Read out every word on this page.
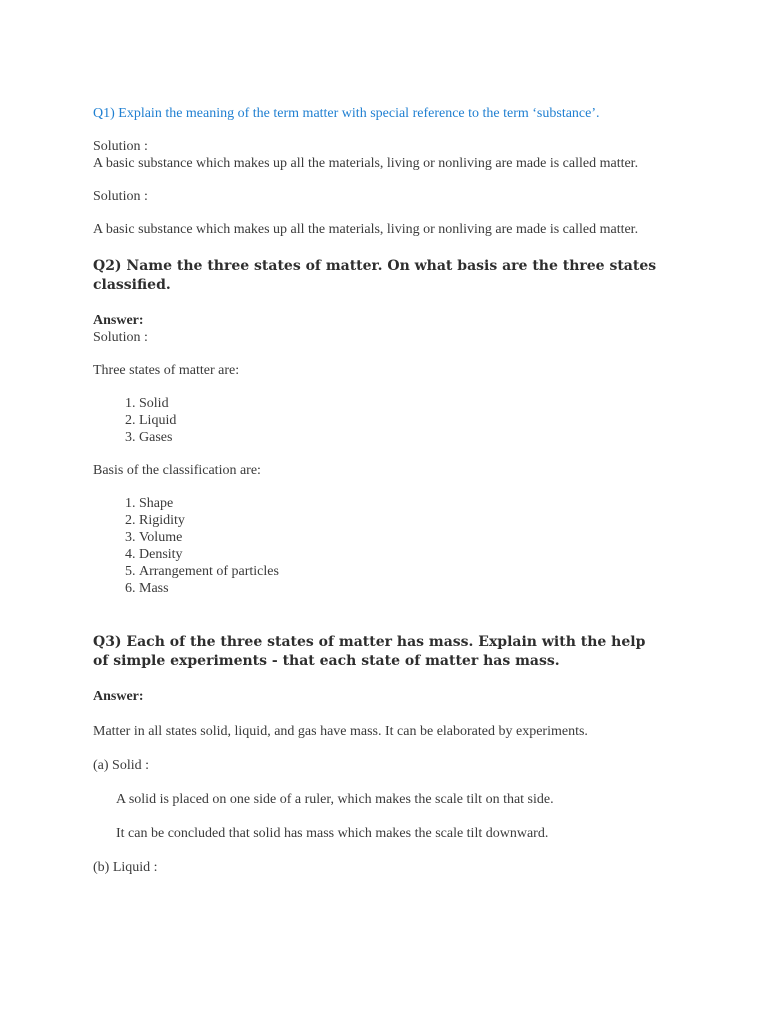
Q1) Explain the meaning of the term matter with special reference to the term ‘substance’.

Solution :

A basic substance which makes up all the materials, living or nonliving are made is called matter.

Solution :

A basic substance which makes up all the materials, living or nonliving are made is called matter.

Q2) Name the three states of matter. On what basis are the three states classified.

Answer:

Solution :

Three states of matter are:

1. Solid
2. Liquid
3. Gases

Basis of the classification are:

1. Shape
2. Rigidity
3. Volume
4. Density
5. Arrangement of particles
6. Mass

Q3) Each of the three states of matter has mass. Explain with the help of simple experiments - that each state of matter has mass.

Answer:

Matter in all states solid, liquid, and gas have mass. It can be elaborated by experiments.

(a) Solid :

A solid is placed on one side of a ruler, which makes the scale tilt on that side.

It can be concluded that solid has mass which makes the scale tilt downward.

(b) Liquid :
